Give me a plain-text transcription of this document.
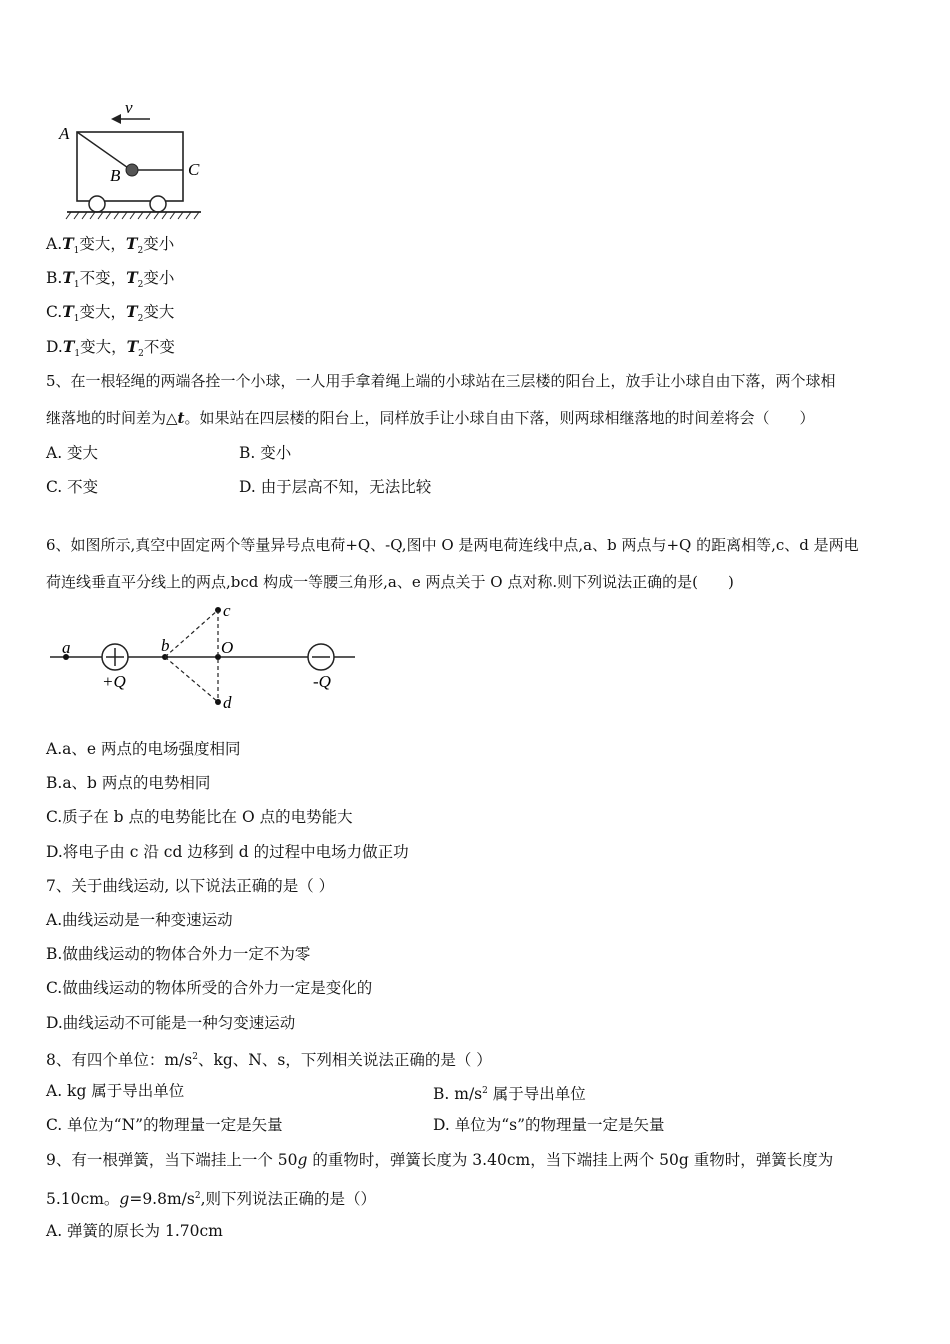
v
A
B	C
$A.T_1$变大，$T_2$变小
$B.T_1$不变，$T_2$变小
$C.T_1$变大，$T_2$变大
$D.T_1$变大，$T_2$不变
5、在一根轻绳的两端各拴一个小球，一人用手拿着绳上端的小球站在三层楼的阳台上，放手让小球自由下落，两个球相
继落地的时间差为△t。如果站在四层楼的阳台上，同样放手让小球自由下落，则两球相继落地的时间差将会（　　）
A. 变大	B. 变小
C. 不变	D. 由于层高不知，无法比较
6、如图所示,真空中固定两个等量异号点电荷+Q、-Q,图中 O 是两电荷连线中点,a、b 两点与+Q 的距离相等,c、d 是两电
荷连线垂直平分线上的两点,bcd 构成一等腰三角形,a、e 两点关于 O 点对称.则下列说法正确的是(　　)
a
+Q
b
c
O
d
-Q
A.a、e 两点的电场强度相同
B.a、b 两点的电势相同
C.质子在 b 点的电势能比在 O 点的电势能大
D.将电子由 c 沿 cd 边移到 d 的过程中电场力做正功
7、关于曲线运动, 以下说法正确的是（ ）
A.曲线运动是一种变速运动
B.做曲线运动的物体合外力一定不为零
C.做曲线运动的物体所受的合外力一定是变化的
D.曲线运动不可能是一种匀变速运动
8、有四个单位：$m/s^2$、kg、N、s，下列相关说法正确的是（ ）
A. kg 属于导出单位	B. $m/s^2$ 属于导出单位
C. 单位为“N”的物理量一定是矢量	D. 单位为“s”的物理量一定是矢量
9、有一根弹簧，当下端挂上一个 50g 的重物时，弹簧长度为 3.40cm，当下端挂上两个 50g 重物时，弹簧长度为
5.10cm。$g=9.8m/s^2$,则下列说法正确的是（）
A. 弹簧的原长为 1.70cm
